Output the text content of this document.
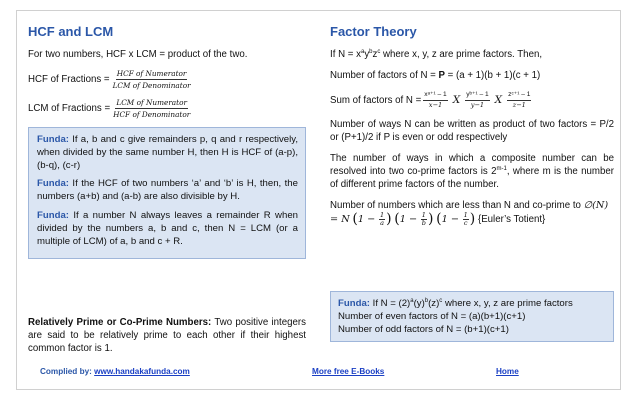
HCF and LCM
For two numbers, HCF x LCM = product of the two.
HCF of Fractions = $\frac{\text{HCF of Numerator}}{\text{LCM of Denominator}}$
LCM of Fractions = $\frac{\text{LCM of Numerator}}{\text{HCF of Denominator}}$

Funda: If a, b and c give remainders p, q and r respectively, when divided by the same number H, then H is HCF of (a-p), (b-q), (c-r)

Funda: If the HCF of two numbers ‘a’ and ‘b’ is H, then, the numbers (a+b) and (a-b) are also divisible by H.

Funda: If a number N always leaves a remainder R when divided by the numbers a, b and c, then N = LCM (or a multiple of LCM) of a, b and c + R.

Relatively Prime or Co-Prime Numbers: Two positive integers are said to be relatively prime to each other if their highest common factor is 1.
Factor Theory
If $N = x^ay^bz^c$ where x, y, z are prime factors. Then,
Number of factors of N = P = (a + 1)(b + 1)(c + 1)
Sum of factors of $N = \frac{\text{xᵃ⁺¹ – 1}}{x-1}$ X $\frac{\text{yᵇ⁺¹ – 1}}{y-1}$ X $\frac{\text{zᶜ⁺¹ – 1}}{z-1}$
Number of ways N can be written as product of two factors = P/2 or (P+1)/2 if P is even or odd respectively
The number of ways in which a composite number can be resolved into two co-prime factors is 2$^{m-1}$, where m is the number of different prime factors of the number.
Number of numbers which are less than N and co-prime to ∅(N) = N ($1 - \frac{1}{a}$ ) ($1 - \frac{1}{b}$ ) ($1 - \frac{1}{c}$ ) {Euler’s Totient}
Funda: If $N = (2)^a(y)^b(z)^c$ where x, y, z are prime factors
Number of even factors of N = (a)(b+1)(c+1)
Number of odd factors of N = (b+1)(c+1)
Complied by: www.handakafunda.com	More free E-Books	Home
